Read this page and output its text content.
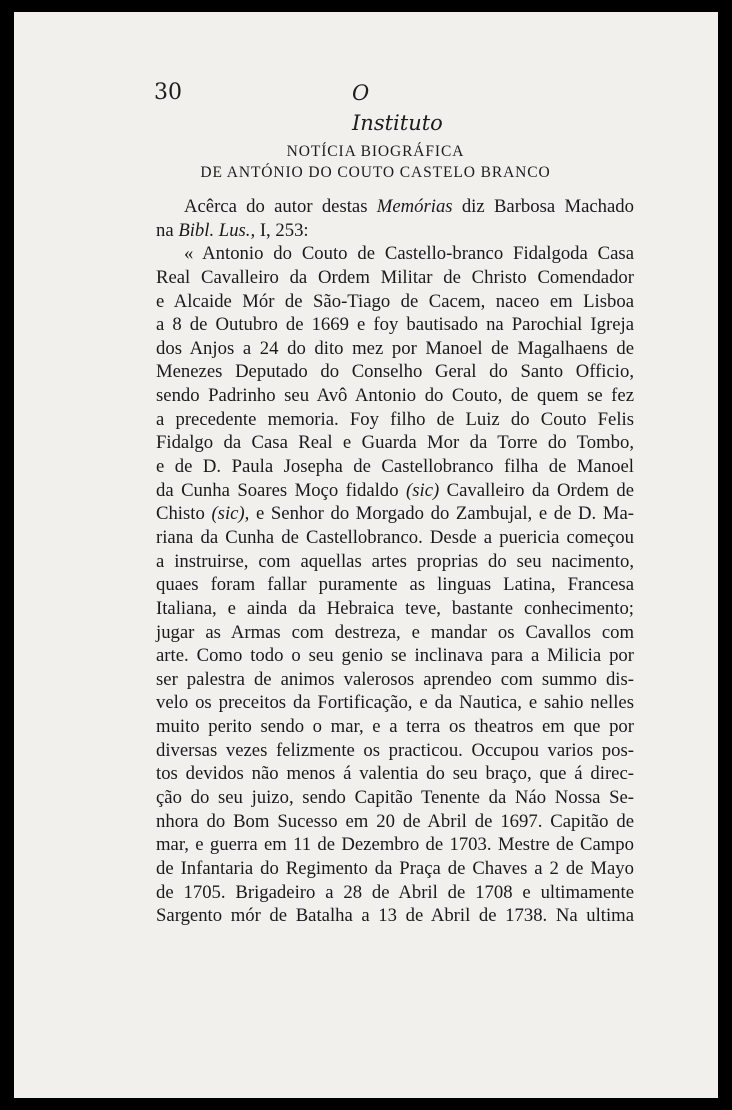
30	O Instituto
NOTÍCIA BIOGRÁFICA
DE ANTÓNIO DO COUTO CASTELO BRANCO
Acêrca do autor destas Memórias diz Barbosa Machado
na Bibl. Lus., I, 253:
« Antonio do Couto de Castello-branco Fidalgoda Casa
Real Cavalleiro da Ordem Militar de Christo Comendador
e Alcaide Mór de São-Tiago de Cacem, naceo em Lisboa
a 8 de Outubro de 1669 e foy bautisado na Parochial Igreja
dos Anjos a 24 do dito mez por Manoel de Magalhaens de
Menezes Deputado do Conselho Geral do Santo Officio,
sendo Padrinho seu Avô Antonio do Couto, de quem se fez
a precedente memoria. Foy filho de Luiz do Couto Felis
Fidalgo da Casa Real e Guarda Mor da Torre do Tombo,
e de D. Paula Josepha de Castellobranco filha de Manoel
da Cunha Soares Moço fidaldo (sic) Cavalleiro da Ordem de
Chisto (sic), e Senhor do Morgado do Zambujal, e de D. Ma-
riana da Cunha de Castellobranco. Desde a puericia começou
a instruirse, com aquellas artes proprias do seu nacimento,
quaes foram fallar puramente as linguas Latina, Francesa
Italiana, e ainda da Hebraica teve, bastante conhecimento;
jugar as Armas com destreza, e mandar os Cavallos com
arte. Como todo o seu genio se inclinava para a Milicia por
ser palestra de animos valerosos aprendeo com summo dis-
velo os preceitos da Fortificação, e da Nautica, e sahio nelles
muito perito sendo o mar, e a terra os theatros em que por
diversas vezes felizmente os practicou. Occupou varios pos-
tos devidos não menos á valentia do seu braço, que á direc-
ção do seu juizo, sendo Capitão Tenente da Náo Nossa Se-
nhora do Bom Sucesso em 20 de Abril de 1697. Capitão de
mar, e guerra em 11 de Dezembro de 1703. Mestre de Campo
de Infantaria do Regimento da Praça de Chaves a 2 de Mayo
de 1705. Brigadeiro a 28 de Abril de 1708 e ultimamente
Sargento mór de Batalha a 13 de Abril de 1738. Na ultima
